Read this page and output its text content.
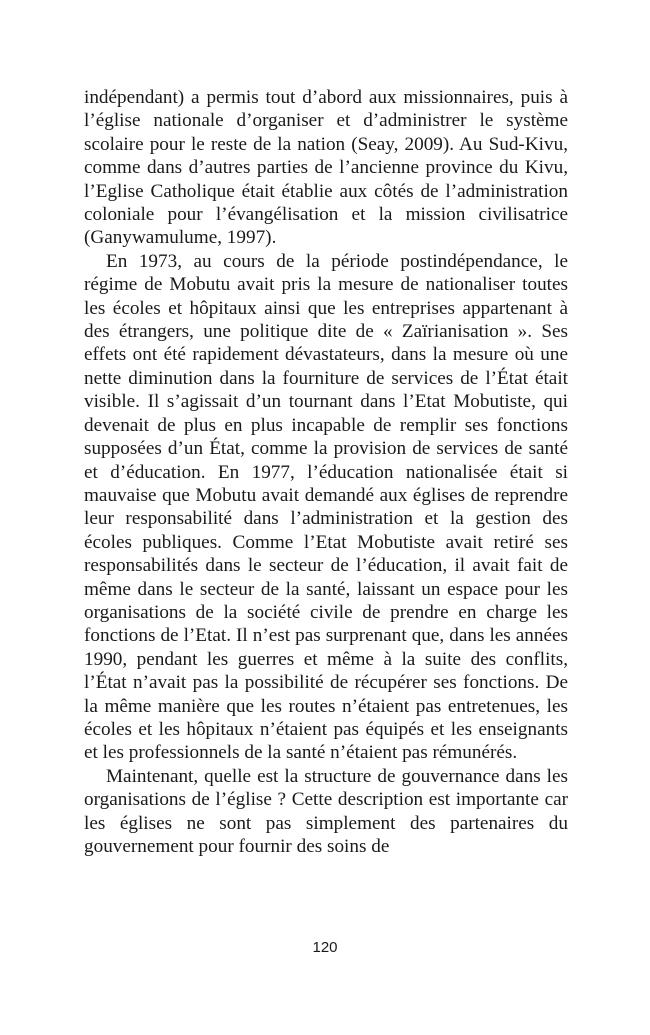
indépendant) a permis tout d’abord aux missionnaires, puis à l’église nationale d’organiser et d’administrer le système scolaire pour le reste de la nation (Seay, 2009). Au Sud-Kivu, comme dans d’autres parties de l’ancienne province du Kivu, l’Eglise Catholique était établie aux côtés de l’administration coloniale pour l’évangélisation et la mission civilisatrice (Ganywamulume, 1997).

En 1973, au cours de la période postindépendance, le régime de Mobutu avait pris la mesure de nationaliser toutes les écoles et hôpitaux ainsi que les entreprises appartenant à des étrangers, une politique dite de « Zaïrianisation ». Ses effets ont été rapidement dévastateurs, dans la mesure où une nette diminution dans la fourniture de services de l’État était visible. Il s’agissait d’un tournant dans l’Etat Mobutiste, qui devenait de plus en plus incapable de remplir ses fonctions supposées d’un État, comme la provision de services de santé et d’éducation. En 1977, l’éducation nationalisée était si mauvaise que Mobutu avait demandé aux églises de reprendre leur responsabilité dans l’administration et la gestion des écoles publiques. Comme l’Etat Mobutiste avait retiré ses responsabilités dans le secteur de l’éducation, il avait fait de même dans le secteur de la santé, laissant un espace pour les organisations de la société civile de prendre en charge les fonctions de l’Etat. Il n’est pas surprenant que, dans les années 1990, pendant les guerres et même à la suite des conflits, l’État n’avait pas la possibilité de récupérer ses fonctions. De la même manière que les routes n’étaient pas entretenues, les écoles et les hôpitaux n’étaient pas équipés et les enseignants et les professionnels de la santé n’étaient pas rémunérés.

Maintenant, quelle est la structure de gouvernance dans les organisations de l’église ? Cette description est importante car les églises ne sont pas simplement des partenaires du gouvernement pour fournir des soins de

120
